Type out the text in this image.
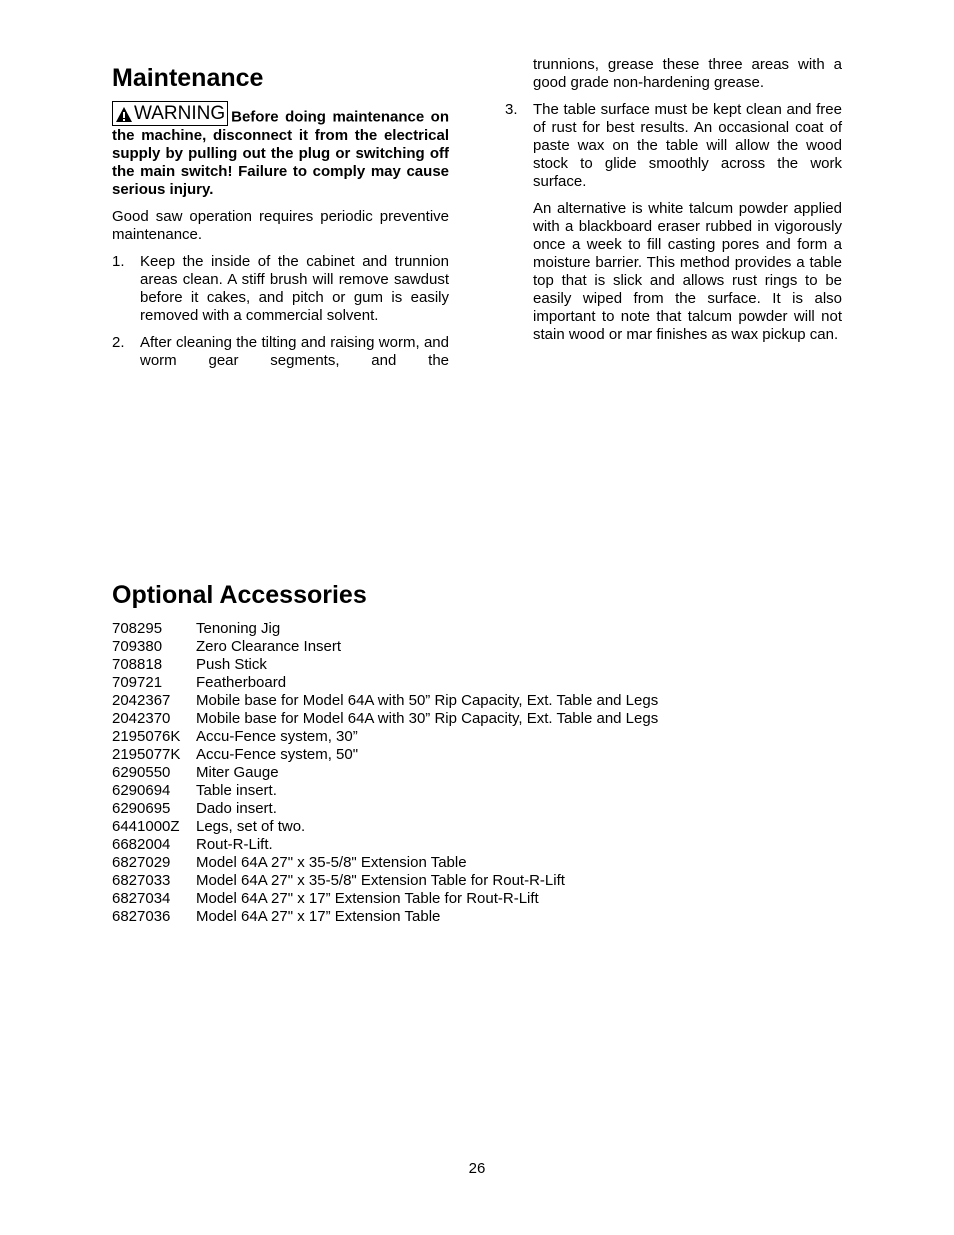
Maintenance

WARNING Before doing maintenance on the machine, disconnect it from the electrical supply by pulling out the plug or switching off the main switch! Failure to comply may cause serious injury.

Good saw operation requires periodic preventive maintenance.

1.	Keep the inside of the cabinet and trunnion areas clean. A stiff brush will remove sawdust before it cakes, and pitch or gum is easily removed with a commercial solvent.
2.	After cleaning the tilting and raising worm, and worm gear segments, and the
trunnions, grease these three areas with a good grade non-hardening grease.
3.	The table surface must be kept clean and free of rust for best results. An occasional coat of paste wax on the table will allow the wood stock to glide smoothly across the work surface.
An alternative is white talcum powder applied with a blackboard eraser rubbed in vigorously once a week to fill casting pores and form a moisture barrier. This method provides a table top that is slick and allows rust rings to be easily wiped from the surface. It is also important to note that talcum powder will not stain wood or mar finishes as wax pickup can.
Optional Accessories
708295	Tenoning Jig
709380	Zero Clearance Insert
708818	Push Stick
709721	Featherboard
2042367	Mobile base for Model 64A with 50” Rip Capacity, Ext. Table and Legs
2042370	Mobile base for Model 64A with 30” Rip Capacity, Ext. Table and Legs
2195076K	Accu-Fence system, 30”
2195077K	Accu-Fence system, 50"
6290550	Miter Gauge
6290694	Table insert.
6290695	Dado insert.
6441000Z	Legs, set of two.
6682004	Rout-R-Lift.
6827029	Model 64A 27" x 35-5/8" Extension Table
6827033	Model 64A 27" x 35-5/8" Extension Table for Rout-R-Lift
6827034	Model 64A 27" x 17” Extension Table for Rout-R-Lift
6827036	Model 64A 27" x 17” Extension Table
26
